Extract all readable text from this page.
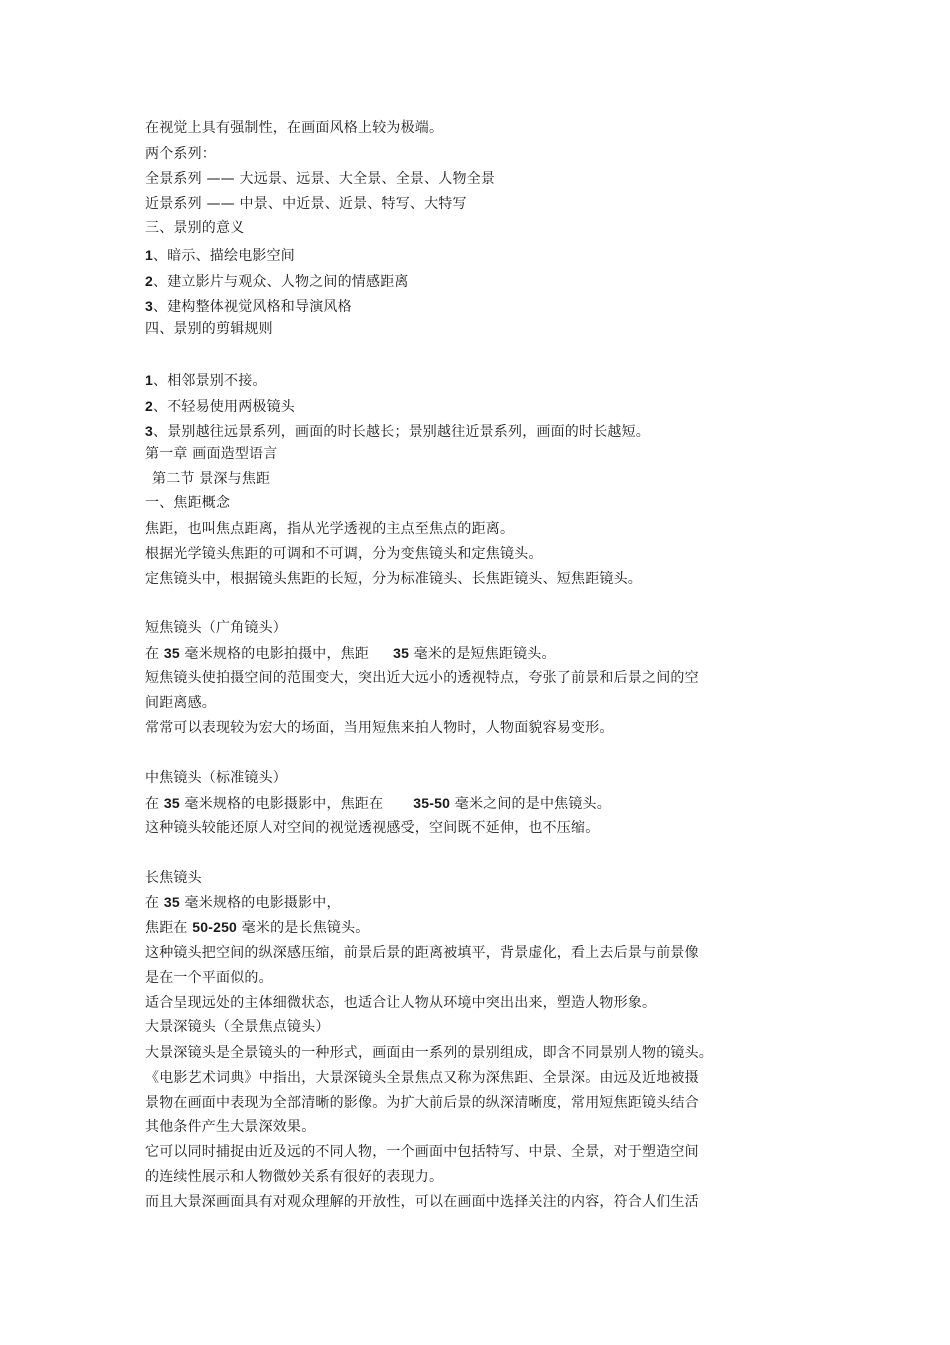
在视觉上具有强制性，在画面风格上较为极端。
两个系列：
全景系列 —— 大远景、远景、大全景、全景、人物全景
近景系列 —— 中景、中近景、近景、特写、大特写
三、景别的意义
1、暗示、描绘电影空间
2、建立影片与观众、人物之间的情感距离
3、建构整体视觉风格和导演风格
四、景别的剪辑规则
1、相邻景别不接。
2、不轻易使用两极镜头
3、景别越往远景系列，画面的时长越长；景别越往近景系列，画面的时长越短。
第一章 画面造型语言
第二节 景深与焦距
一、焦距概念
焦距，也叫焦点距离，指从光学透视的主点至焦点的距离。
根据光学镜头焦距的可调和不可调，分为变焦镜头和定焦镜头。
定焦镜头中，根据镜头焦距的长短，分为标准镜头、长焦距镜头、短焦距镜头。
短焦镜头（广角镜头）
在 35 毫米规格的电影拍摄中，焦距 35 毫米的是短焦距镜头。
短焦镜头使拍摄空间的范围变大，突出近大远小的透视特点，夸张了前景和后景之间的空
间距离感。
常常可以表现较为宏大的场面，当用短焦来拍人物时，人物面貌容易变形。
中焦镜头（标准镜头）
在 35 毫米规格的电影摄影中，焦距在 35-50 毫米之间的是中焦镜头。
这种镜头较能还原人对空间的视觉透视感受，空间既不延伸，也不压缩。
长焦镜头
在 35 毫米规格的电影摄影中，
焦距在 50-250 毫米的是长焦镜头。
这种镜头把空间的纵深感压缩，前景后景的距离被填平，背景虚化，看上去后景与前景像
是在一个平面似的。
适合呈现远处的主体细微状态，也适合让人物从环境中突出出来，塑造人物形象。
大景深镜头（全景焦点镜头）
大景深镜头是全景镜头的一种形式，画面由一系列的景别组成，即含不同景别人物的镜头。
《电影艺术词典》中指出，大景深镜头全景焦点又称为深焦距、全景深。由远及近地被摄
景物在画面中表现为全部清晰的影像。为扩大前后景的纵深清晰度，常用短焦距镜头结合
其他条件产生大景深效果。
它可以同时捕捉由近及远的不同人物，一个画面中包括特写、中景、全景，对于塑造空间
的连续性展示和人物微妙关系有很好的表现力。
而且大景深画面具有对观众理解的开放性，可以在画面中选择关注的内容，符合人们生活
